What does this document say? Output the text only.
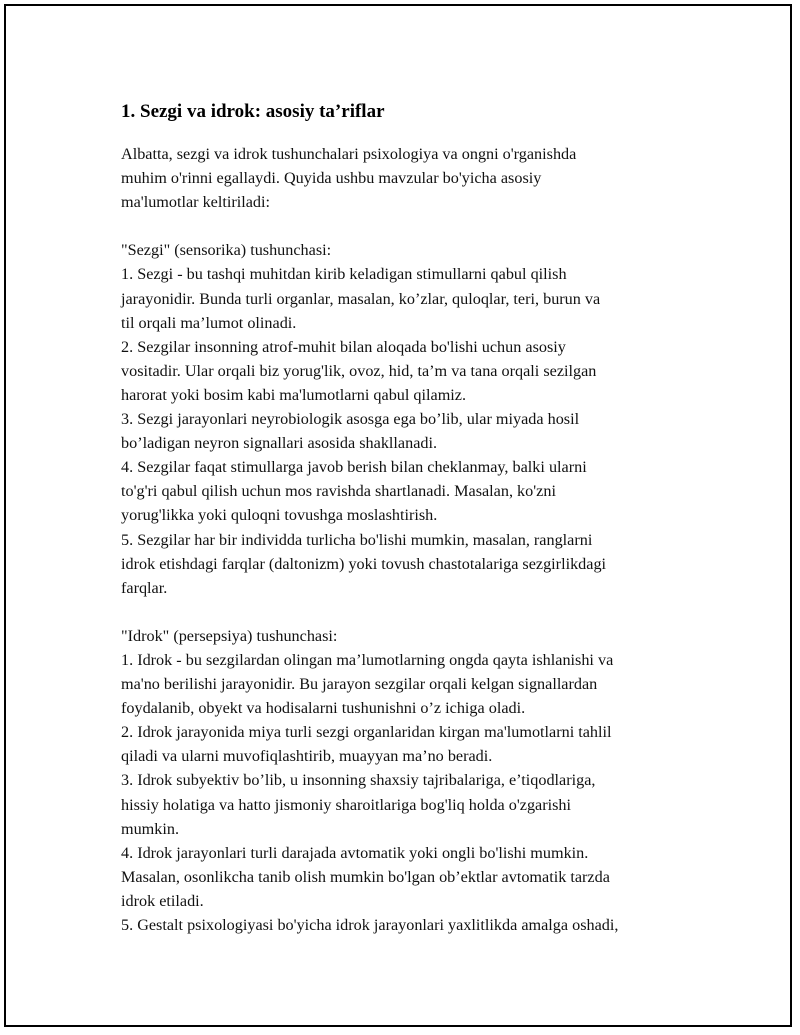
1. Sezgi va idrok: asosiy ta’riflar
Albatta, sezgi va idrok tushunchalari psixologiya va ongni o'rganishda
muhim o'rinni egallaydi. Quyida ushbu mavzular bo'yicha asosiy
ma'lumotlar keltiriladi:
"Sezgi" (sensorika) tushunchasi:
1. Sezgi - bu tashqi muhitdan kirib keladigan stimullarni qabul qilish
jarayonidir. Bunda turli organlar, masalan, ko’zlar, quloqlar, teri, burun va
til orqali ma’lumot olinadi.
2. Sezgilar insonning atrof-muhit bilan aloqada bo'lishi uchun asosiy
vositadir. Ular orqali biz yorug'lik, ovoz, hid, ta’m va tana orqali sezilgan
harorat yoki bosim kabi ma'lumotlarni qabul qilamiz.
3. Sezgi jarayonlari neyrobiologik asosga ega bo’lib, ular miyada hosil
bo’ladigan neyron signallari asosida shakllanadi.
4. Sezgilar faqat stimullarga javob berish bilan cheklanmay, balki ularni
to'g'ri qabul qilish uchun mos ravishda shartlanadi. Masalan, ko'zni
yorug'likka yoki quloqni tovushga moslashtirish.
5. Sezgilar har bir individda turlicha bo'lishi mumkin, masalan, ranglarni
idrok etishdagi farqlar (daltonizm) yoki tovush chastotalariga sezgirlikdagi
farqlar.
"Idrok" (persepsiya) tushunchasi:
1. Idrok - bu sezgilardan olingan ma’lumotlarning ongda qayta ishlanishi va
ma'no berilishi jarayonidir. Bu jarayon sezgilar orqali kelgan signallardan
foydalanib, obyekt va hodisalarni tushunishni o’z ichiga oladi.
2. Idrok jarayonida miya turli sezgi organlaridan kirgan ma'lumotlarni tahlil
qiladi va ularni muvofiqlashtirib, muayyan ma’no beradi.
3. Idrok subyektiv bo’lib, u insonning shaxsiy tajribalariga, e’tiqodlariga,
hissiy holatiga va hatto jismoniy sharoitlariga bog'liq holda o'zgarishi
mumkin.
4. Idrok jarayonlari turli darajada avtomatik yoki ongli bo'lishi mumkin.
Masalan, osonlikcha tanib olish mumkin bo'lgan ob’ektlar avtomatik tarzda
idrok etiladi.
5. Gestalt psixologiyasi bo'yicha idrok jarayonlari yaxlitlikda amalga oshadi,
